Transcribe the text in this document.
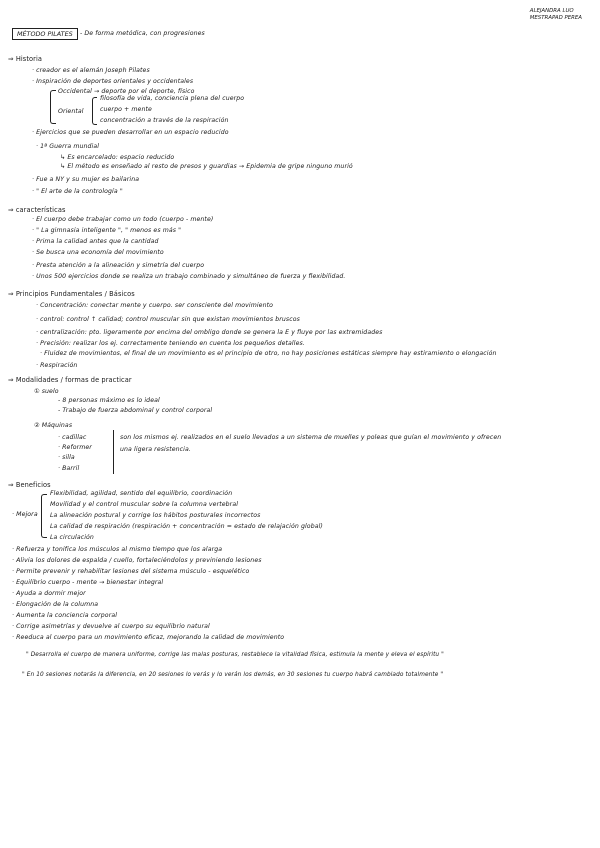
ALEJANDRA LUO
MESTRAPAD PEREA
MÉTODO PILATES	- De forma metódica, con progresiones
⇒ Historia
· creador es el alemán Joseph Pilates
· Inspiración de deportes orientales y occidentales
Occidental → deporte por el deporte, físico
Oriental
filosofía de vida, conciencia plena del cuerpo
cuerpo + mente
concentración a través de la respiración
· Ejercicios que se pueden desarrollar en un espacio reducido
· 1ª Guerra mundial
↳ Es encarcelado: espacio reducido
↳ El método es enseñado al resto de presos y guardias → Epidemia de gripe ninguno murió
· Fue a NY y su mujer es bailarina
· " El arte de la contrología "
⇒ características
· El cuerpo debe trabajar como un todo (cuerpo - mente)
· " La gimnasia inteligente ", " menos es más "
· Prima la calidad antes que la cantidad
· Se busca una economía del movimiento
· Presta atención a la alineación y simetría del cuerpo
· Unos 500 ejercicios donde se realiza un trabajo combinado y simultáneo de fuerza y flexibilidad.
⇒ Principios Fundamentales / Básicos
· Concentración: conectar mente y cuerpo. ser consciente del movimiento
· control: control ↑ calidad; control muscular sin que existan movimientos bruscos
· centralización: pto. ligeramente por encima del ombligo donde se genera la E y fluye por las extremidades
· Precisión: realizar los ej. correctamente teniendo en cuenta los pequeños detalles.
· Fluidez de movimientos, el final de un movimiento es el principio de otro, no hay posiciones estáticas siempre hay estiramiento o elongación
· Respiración
⇒ Modalidades / formas de practicar
① suelo
- 8 personas máximo es lo ideal
- Trabajo de fuerza abdominal y control corporal
② Máquinas
· cadillac
· Reformer
· silla
· Barril
son los mismos ej. realizados en el suelo llevados a un sistema de muelles y poleas que guían el movimiento y ofrecen
una ligera resistencia.
⇒ Beneficios
· Mejora
Flexibilidad, agilidad, sentido del equilibrio, coordinación
Movilidad y el control muscular sobre la columna vertebral
La alineación postural y corrige los hábitos posturales incorrectos
La calidad de respiración (respiración + concentración = estado de relajación global)
La circulación
· Refuerza y tonifica los músculos al mismo tiempo que los alarga
· Alivia los dolores de espalda / cuello, fortaleciéndolos y previniendo lesiones
· Permite prevenir y rehabilitar lesiones del sistema músculo - esquelético
· Equilibrio cuerpo - mente → bienestar integral
· Ayuda a dormir mejor
· Elongación de la columna
· Aumenta la conciencia corporal
· Corrige asimetrías y devuelve al cuerpo su equilibrio natural
· Reeduca al cuerpo para un movimiento eficaz, mejorando la calidad de movimiento
" Desarrolla el cuerpo de manera uniforme, corrige las malas posturas, restablece la vitalidad física, estimula la mente y eleva el espíritu "
" En 10 sesiones notarás la diferencia, en 20 sesiones lo verás y lo verán los demás, en 30 sesiones tu cuerpo habrá cambiado totalmente "
